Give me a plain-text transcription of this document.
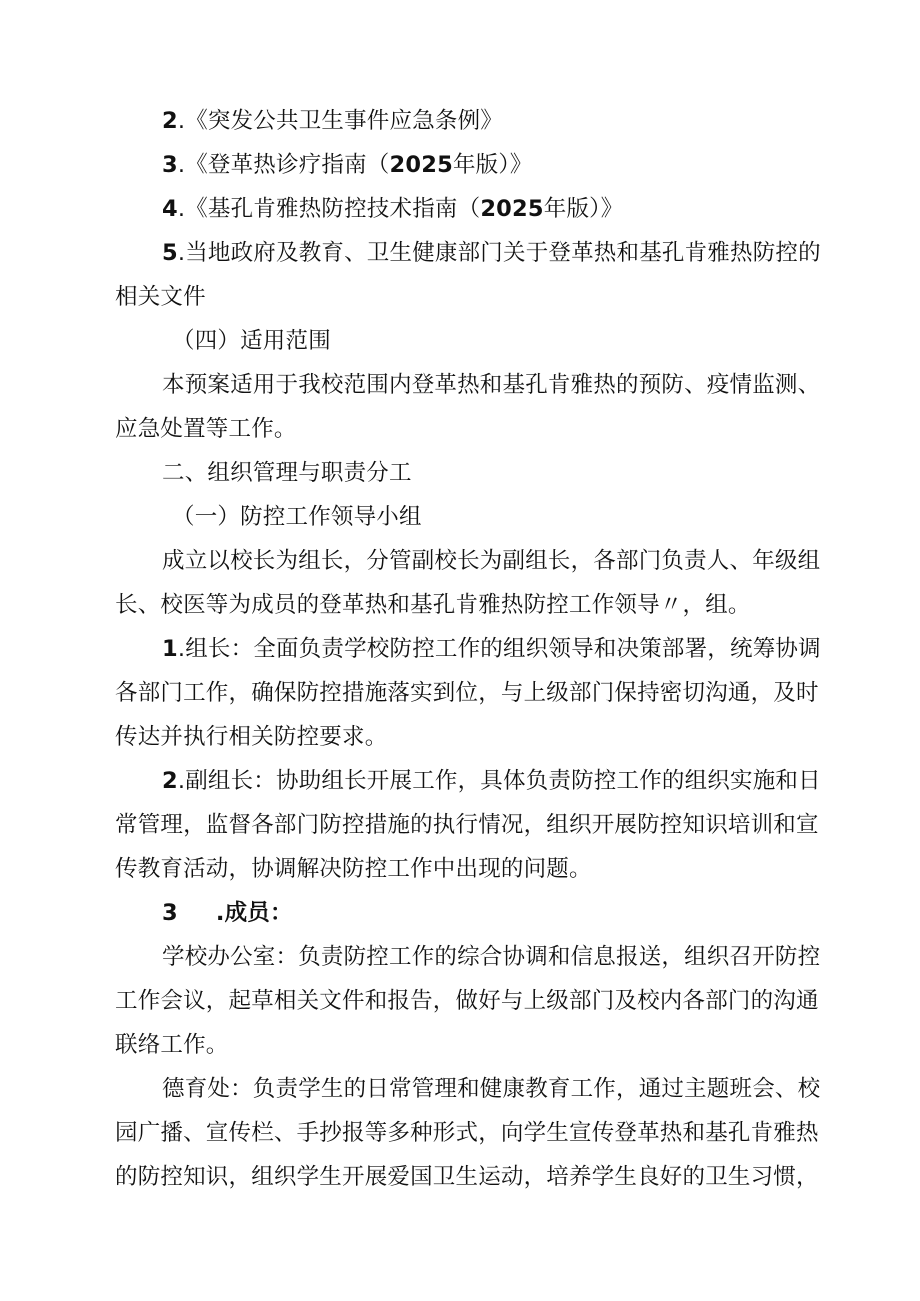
2.《突发公共卫生事件应急条例》
3.《登革热诊疗指南（2025年版）》
4.《基孔肯雅热防控技术指南（2025年版）》
5.当地政府及教育、卫生健康部门关于登革热和基孔肯雅热防控的
相关文件
（四）适用范围
本预案适用于我校范围内登革热和基孔肯雅热的预防、疫情监测、
应急处置等工作。
二、组织管理与职责分工
（一）防控工作领导小组
成立以校长为组长，分管副校长为副组长，各部门负责人、年级组
长、校医等为成员的登革热和基孔肯雅热防控工作领导〃，组。
1.组长：全面负责学校防控工作的组织领导和决策部署，统筹协调
各部门工作，确保防控措施落实到位，与上级部门保持密切沟通，及时
传达并执行相关防控要求。
2.副组长：协助组长开展工作，具体负责防控工作的组织实施和日
常管理，监督各部门防控措施的执行情况，组织开展防控知识培训和宣
传教育活动，协调解决防控工作中出现的问题。
3 .成员：
学校办公室：负责防控工作的综合协调和信息报送，组织召开防控
工作会议，起草相关文件和报告，做好与上级部门及校内各部门的沟通
联络工作。
德育处：负责学生的日常管理和健康教育工作，通过主题班会、校
园广播、宣传栏、手抄报等多种形式，向学生宣传登革热和基孔肯雅热
的防控知识，组织学生开展爱国卫生运动，培养学生良好的卫生习惯，
